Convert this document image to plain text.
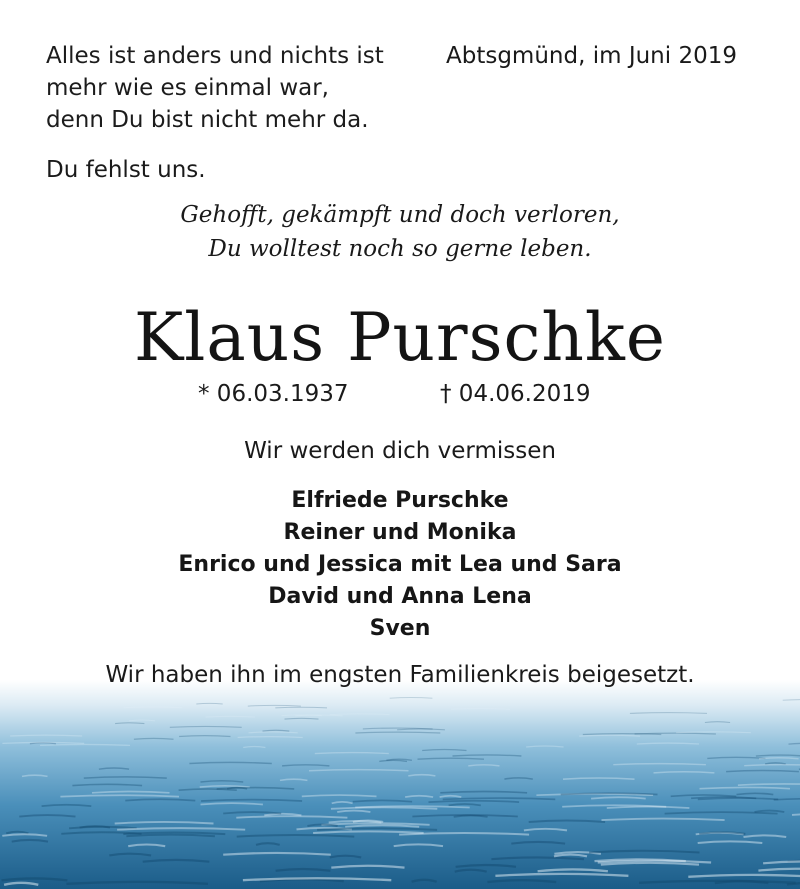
Alles ist anders und nichts ist
mehr wie es einmal war,
denn Du bist nicht mehr da.
Abtsgmünd, im Juni 2019
Du fehlst uns.
Gehofft, gekämpft und doch verloren,
Du wolltest noch so gerne leben.
Klaus Purschke
* 06.03.1937	† 04.06.2019
Wir werden dich vermissen
Elfriede Purschke
Reiner und Monika
Enrico und Jessica mit Lea und Sara
David und Anna Lena
Sven
Wir haben ihn im engsten Familienkreis beigesetzt.
